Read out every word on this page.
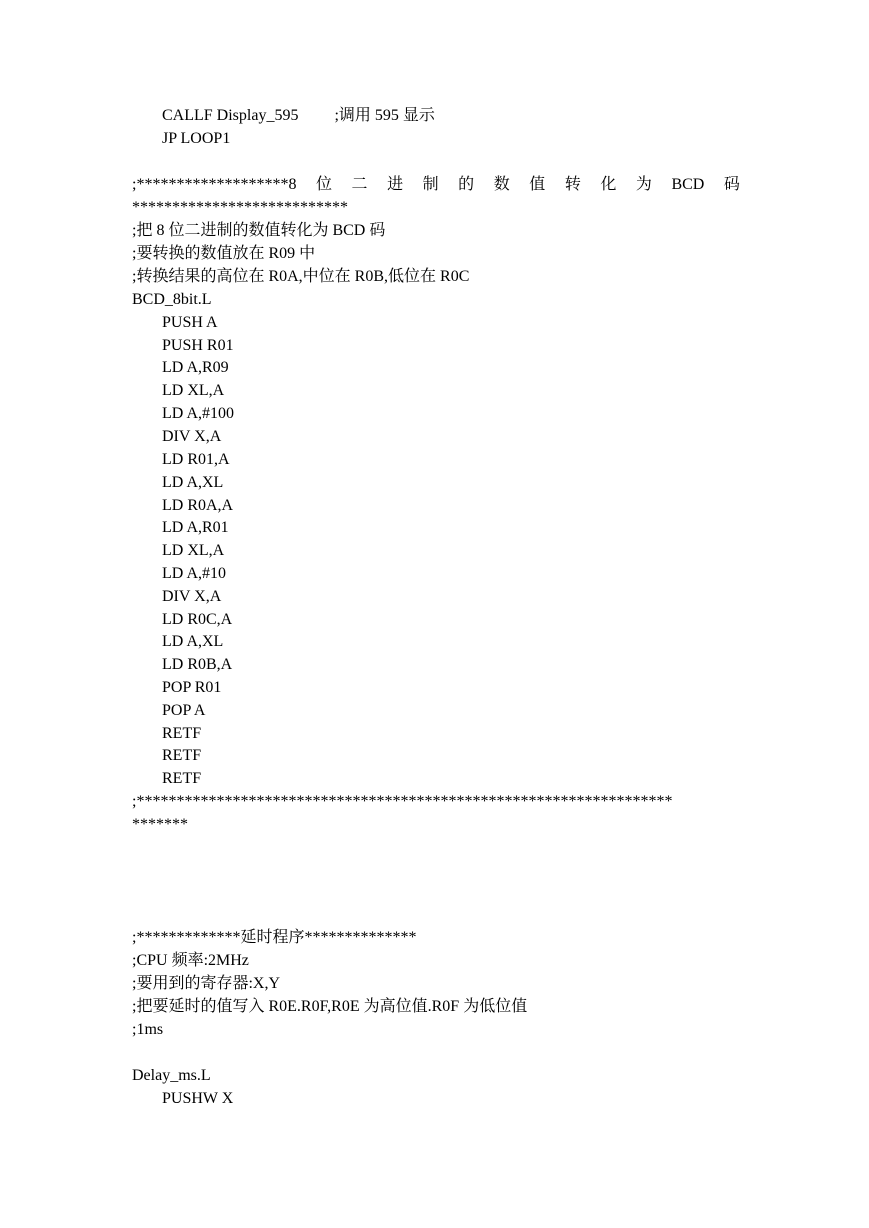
CALLF Display_595         ;调用 595 显示
JP LOOP1
;*******************8 位 二 进 制 的 数 值 转 化 为 BCD 码
***************************
;把 8 位二进制的数值转化为 BCD 码
;要转换的数值放在 R09 中
;转换结果的高位在 R0A,中位在 R0B,低位在 R0C
BCD_8bit.L
PUSH A
PUSH R01
LD A,R09
LD XL,A
LD A,#100
DIV X,A
LD R01,A
LD A,XL
LD R0A,A
LD A,R01
LD XL,A
LD A,#10
DIV X,A
LD R0C,A
LD A,XL
LD R0B,A
POP R01
POP A
RETF
RETF
RETF
;*******************************************************************
*******
;*************延时程序**************
;CPU 频率:2MHz
;要用到的寄存器:X,Y
;把要延时的值写入 R0E.R0F,R0E 为高位值.R0F 为低位值
;1ms
Delay_ms.L
PUSHW X
